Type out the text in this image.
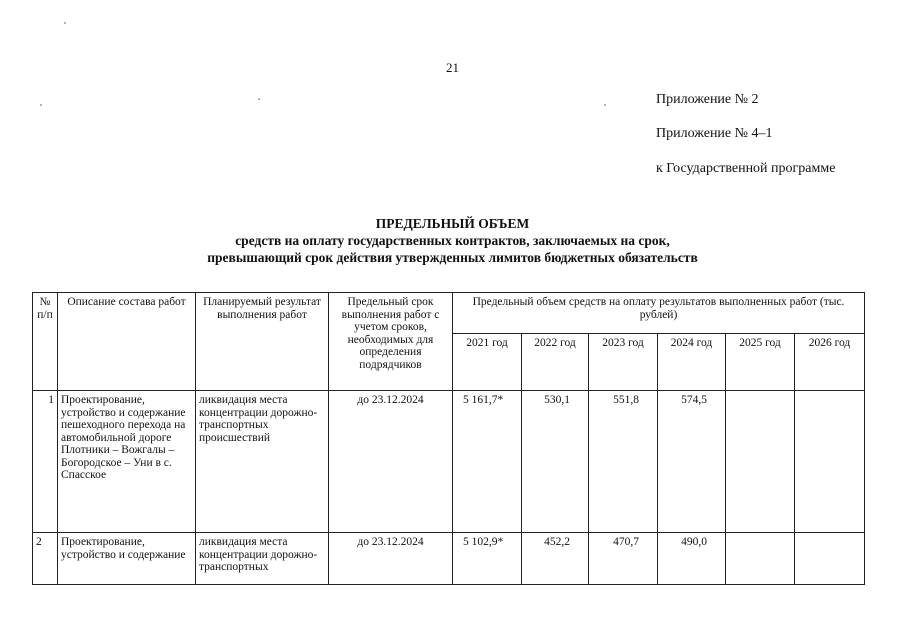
21
Приложение № 2
Приложение № 4–1
к Государственной программе
ПРЕДЕЛЬНЫЙ ОБЪЕМ
средств на оплату государственных контрактов, заключаемых на срок,
превышающий срок действия утвержденных лимитов бюджетных обязательств
№ п/п	Описание состава работ	Планируемый результат выполнения работ	Предельный срок выполнения работ с учетом сроков, необходимых для определения подрядчиков	Предельный объем средств на оплату результатов выполненных работ (тыс. рублей)					
				2021 год	2022 год	2023 год	2024 год	2025 год	2026 год
1	Проектирование, устройство и содержание пешеходного перехода на автомобильной дороге Плотники – Вожгалы – Богородское – Уни в с. Спасское	ликвидация места концентрации дорожно-транспортных происшествий	до 23.12.2024	5 161,7*	530,1	551,8	574,5		
2	Проектирование, устройство и содержание	ликвидация места концентрации дорожно-транспортных	до 23.12.2024	5 102,9*	452,2	470,7	490,0		
